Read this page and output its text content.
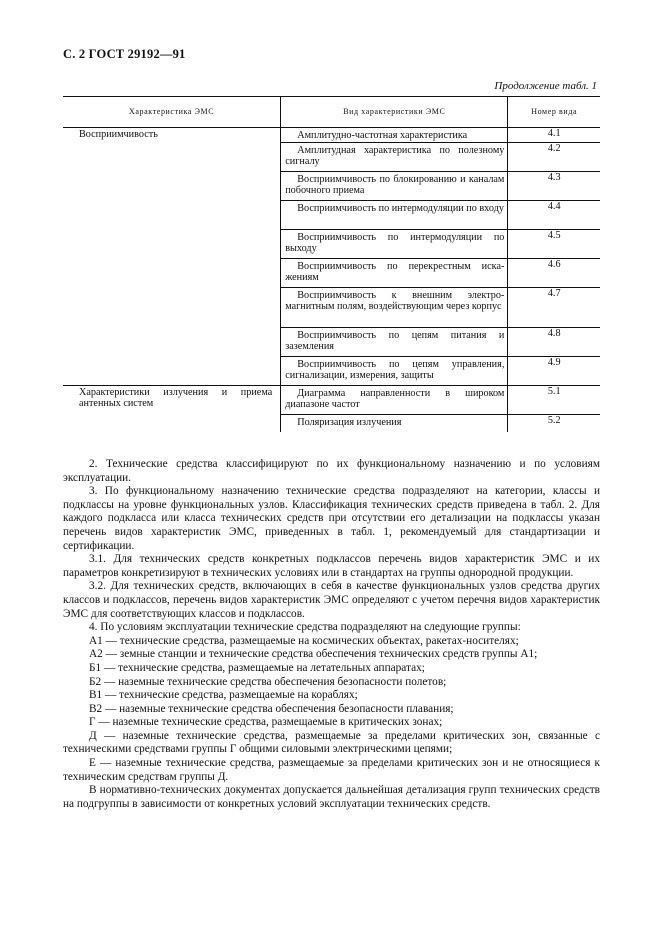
С. 2 ГОСТ 29192—91
Продолжение табл. 1
Характеристика ЭМС	Вид характеристики ЭМС	Номер вида

Восприимчивость	Амплитудно-частотная характеристика	4.1

	Амплитудная характеристика по полезному сигналу	4.2

	Восприимчивость по блокированию и каналам побочного приема	4.3

	Восприимчивость по интермодуляции по входу	4.4

	Восприимчивость по интермодуляции по выходу	4.5

	Восприимчивость по перекрестным иска-жениям	4.6

	Восприимчивость к внешним электро-магнитным полям, воздействующим через корпус	4.7

	Восприимчивость по цепям питания и заземления	4.8

	Восприимчивость по цепям управления, сигнализации, измерения, защиты	4.9

Характеристики излучения и приема антенных систем	Диаграмма направленности в широком диапазоне частот	5.1

	Поляризация излучения	5.2

2. Технические средства классифицируют по их функциональному назначению и по условиям эксплуатации.

3. По функциональному назначению технические средства подразделяют на категории, классы и подклассы на уровне функциональных узлов. Классификация технических средств приведена в табл. 2. Для каждого подкласса или класса технических средств при отсутствии его детализации на подклассы указан перечень видов характеристик ЭМС, приведенных в табл. 1, рекомендуемый для стандартизации и сертификации.

3.1. Для технических средств конкретных подклассов перечень видов характеристик ЭМС и их параметров конкретизируют в технических условиях или в стандартах на группы однородной продукции.

3.2. Для технических средств, включающих в себя в качестве функциональных узлов средства других классов и подклассов, перечень видов характеристик ЭМС определяют с учетом перечня видов характеристик ЭМС для соответствующих классов и подклассов.

4. По условиям эксплуатации технические средства подразделяют на следующие группы:

А1 — технические средства, размещаемые на космических объектах, ракетах-носителях;

А2 — земные станции и технические средства обеспечения технических средств группы А1;

Б1 — технические средства, размещаемые на летательных аппаратах;

Б2 — наземные технические средства обеспечения безопасности полетов;

В1 — технические средства, размещаемые на кораблях;

В2 — наземные технические средства обеспечения безопасности плавания;

Г — наземные технические средства, размещаемые в критических зонах;

Д — наземные технические средства, размещаемые за пределами критических зон, связанные с техническими средствами группы Г общими силовыми электрическими цепями;

Е — наземные технические средства, размещаемые за пределами критических зон и не относящиеся к техническим средствам группы Д.

В нормативно-технических документах допускается дальнейшая детализация групп технических средств на подгруппы в зависимости от конкретных условий эксплуатации технических средств.
